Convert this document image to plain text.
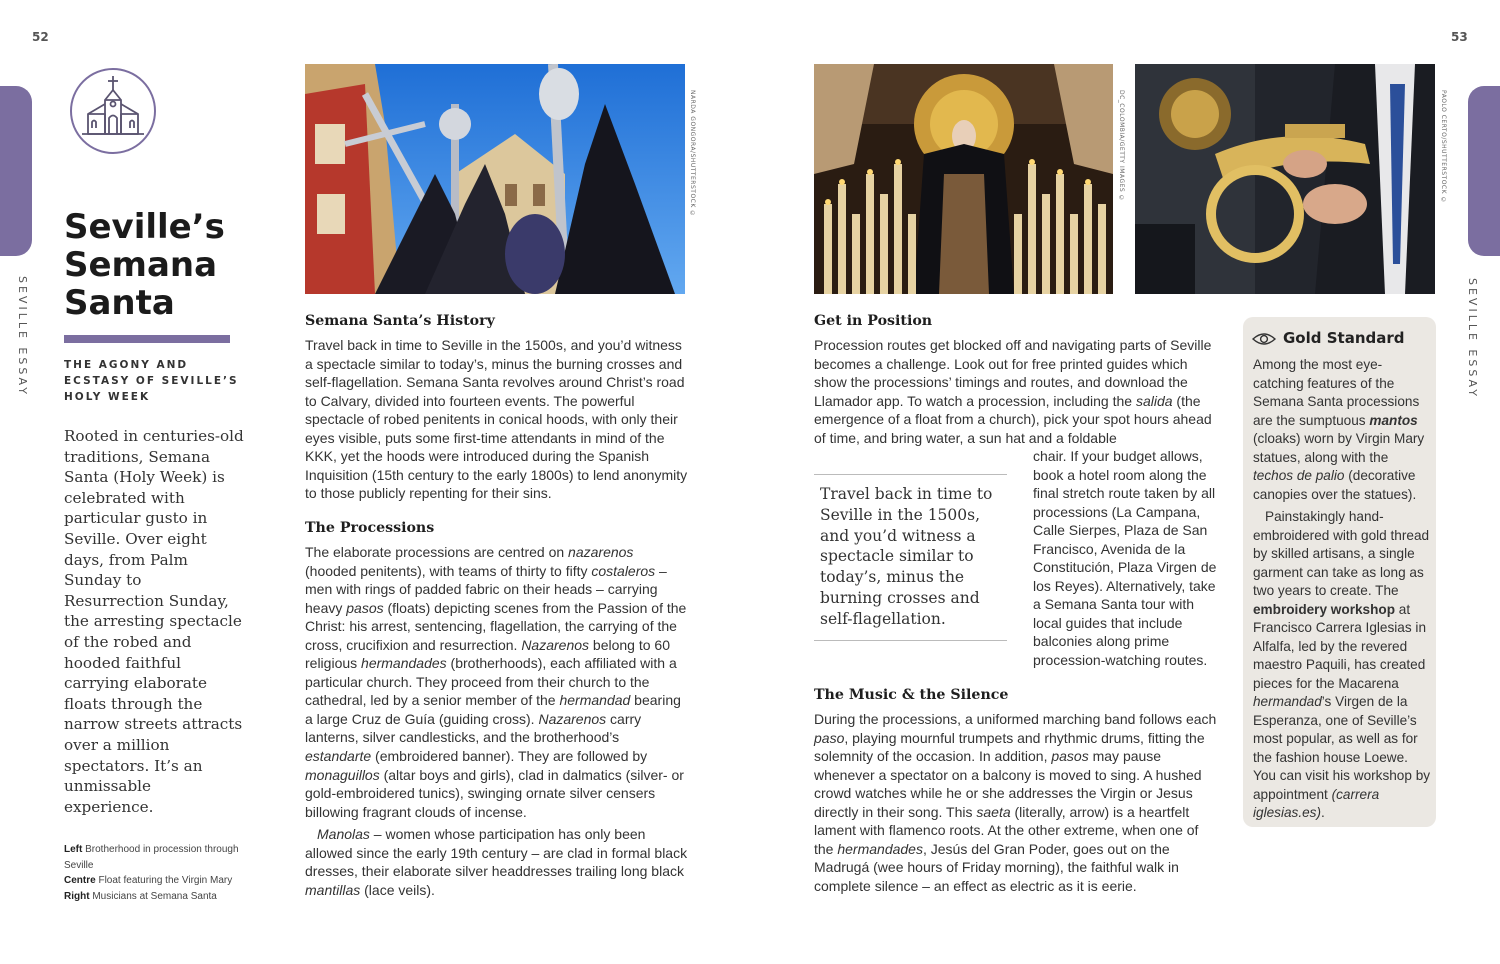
52	53
SEVILLE ESSAY	SEVILLE ESSAY
Seville’s
Semana
Santa
THE AGONY AND ECSTASY OF SEVILLE’S HOLY WEEK
Rooted in centuries-old traditions, Semana Santa (Holy Week) is celebrated with particular gusto in Seville. Over eight days, from Palm Sunday to Resurrection Sunday, the arresting spectacle of the robed and hooded faithful carrying elaborate floats through the narrow streets attracts over a million spectators. It’s an unmissable experience.
Left Brotherhood in procession through Seville
Centre Float featuring the Virgin Mary
Right Musicians at Semana Santa
NARDA GONGORA/SHUTTERSTOCK ©	DC_COLOMBIA/GETTY IMAGES ©	PAOLO CERTO/SHUTTERSTOCK ©
Semana Santa’s History
Travel back in time to Seville in the 1500s, and you’d witness a spectacle similar to today’s, minus the burning crosses and self-flagellation. Semana Santa revolves around Christ’s road to Calvary, divided into fourteen events. The powerful spectacle of robed penitents in conical hoods, with only their eyes visible, puts some first-time attendants in mind of the KKK, yet the hoods were introduced during the Spanish Inquisition (15th century to the early 1800s) to lend anonymity to those publicly repenting for their sins.
The Processions

The elaborate processions are centred on nazarenos (hooded penitents), with teams of thirty to fifty costaleros – men with rings of padded fabric on their heads – carrying heavy pasos (floats) depicting scenes from the Passion of the Christ: his arrest, sentencing, flagellation, the carrying of the cross, crucifixion and resurrection. Nazarenos belong to 60 religious hermandades (brotherhoods), each affiliated with a particular church. They proceed from their church to the cathedral, led by a senior member of the hermandad bearing a large Cruz de Guía (guiding cross). Nazarenos carry lanterns, silver candlesticks, and the brotherhood’s estandarte (embroidered banner). They are followed by monaguillos (altar boys and girls), clad in dalmatics (silver- or gold-embroidered tunics), swinging ornate silver censers billowing fragrant clouds of incense.

Manolas – women whose participation has only been allowed since the early 19th century – are clad in formal black dresses, their elaborate silver headdresses trailing long black mantillas (lace veils).

Get in Position
Procession routes get blocked off and navigating parts of Seville becomes a challenge. Look out for free printed guides which show the processions’ timings and routes, and download the Llamador app. To watch a procession, including the salida (the emergence of a float from a church), pick your spot hours ahead of time, and bring water, a sun hat and a foldable
chair. If your budget allows, book a hotel room along the final stretch route taken by all processions (La Campana, Calle Sierpes, Plaza de San Francisco, Avenida de la Constitución, Plaza Virgen de los Reyes). Alternatively, take a Semana Santa tour with local guides that include balconies along prime procession-watching routes.
Travel back in time to Seville in the 1500s, and you’d witness a spectacle similar to today’s, minus the burning crosses and self-flagellation.
The Music & the Silence
During the processions, a uniformed marching band follows each paso, playing mournful trumpets and rhythmic drums, fitting the solemnity of the occasion. In addition, pasos may pause whenever a spectator on a balcony is moved to sing. A hushed crowd watches while he or she addresses the Virgin or Jesus directly in their song. This saeta (literally, arrow) is a heartfelt lament with flamenco roots. At the other extreme, when one of the hermandades, Jesús del Gran Poder, goes out on the Madrugá (wee hours of Friday morning), the faithful walk in complete silence – an effect as electric as it is eerie.
Gold Standard

Among the most eye-catching features of the Semana Santa processions are the sumptuous mantos (cloaks) worn by Virgin Mary statues, along with the techos de palio (decorative canopies over the statues).

Painstakingly hand-embroidered with gold thread by skilled artisans, a single garment can take as long as two years to create. The embroidery workshop at Francisco Carrera Iglesias in Alfalfa, led by the revered maestro Paquili, has created pieces for the Macarena hermandad’s Virgen de la Esperanza, one of Seville’s most popular, as well as for the fashion house Loewe. You can visit his workshop by appointment (carrera iglesias.es).
